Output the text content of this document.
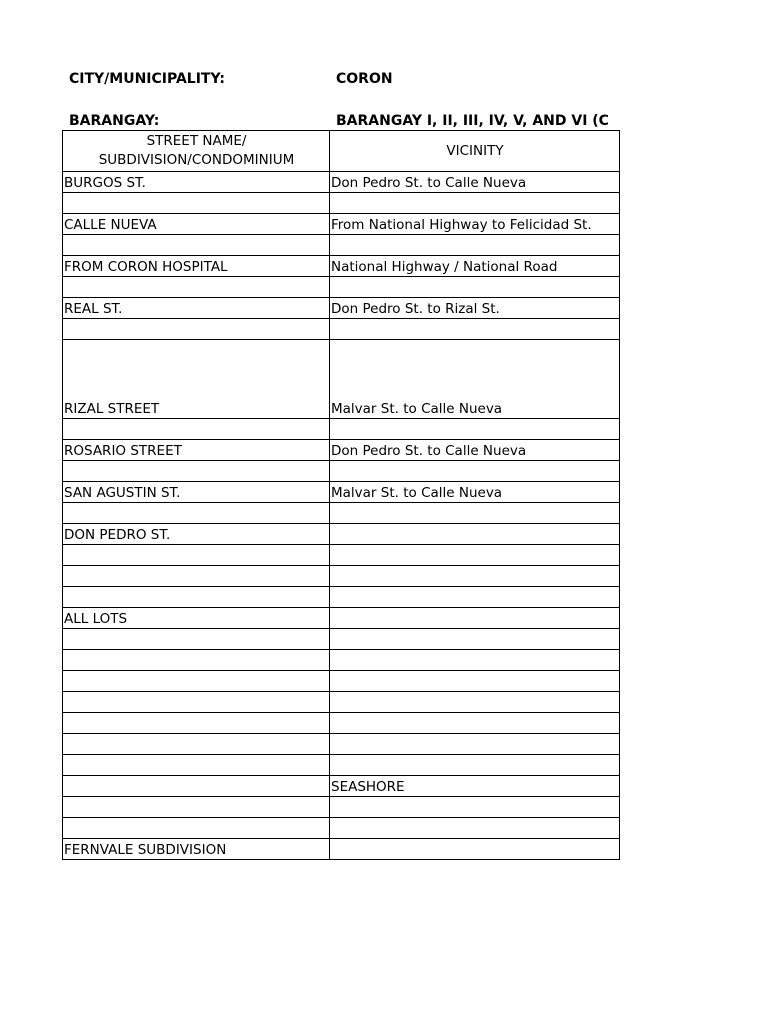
CITY/MUNICIPALITY:	CORON
BARANGAY:	BARANGAY I, II, III, IV, V, AND VI (C
STREET NAME/ SUBDIVISION/CONDOMINIUM	VICINITY
BURGOS ST.	Don Pedro St. to Calle Nueva

CALLE NUEVA	From National Highway to Felicidad St.

FROM CORON HOSPITAL	National Highway / National Road

REAL ST.	Don Pedro St. to Rizal St.

RIZAL STREET	Malvar St. to Calle Nueva

ROSARIO STREET	Don Pedro St. to Calle Nueva

SAN AGUSTIN ST.	Malvar St. to Calle Nueva

DON PEDRO ST.	

ALL LOTS	

	SEASHORE

FERNVALE SUBDIVISION	
